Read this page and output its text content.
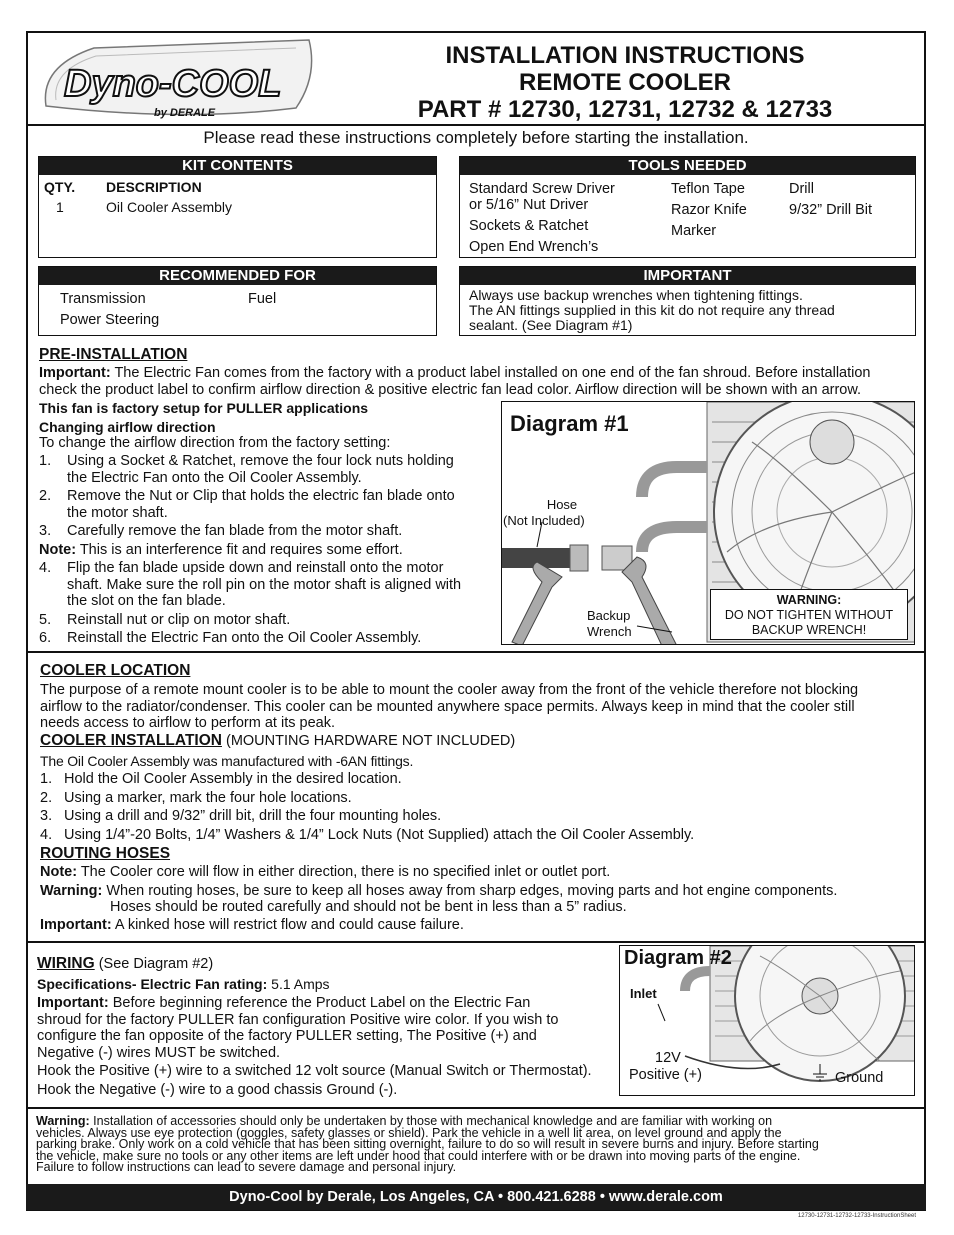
Dyno-COOL
by DERALE
INSTALLATION INSTRUCTIONS
REMOTE COOLER
PART # 12730, 12731, 12732 & 12733
Please read these instructions completely before starting the installation.
KIT CONTENTS
QTY. DESCRIPTION
1	Oil Cooler Assembly
TOOLS NEEDED
Standard Screw Driver
or 5/16” Nut Driver
Sockets & Ratchet
Open End Wrench’s
Teflon Tape
Razor Knife
Marker
Drill
9/32” Drill Bit
RECOMMENDED FOR
Transmission	Fuel
Power Steering
IMPORTANT
Always use backup wrenches when tightening fittings.
The AN fittings supplied in this kit do not require any thread
sealant. (See Diagram #1)
PRE-INSTALLATION
Important: The Electric Fan comes from the factory with a product label installed on one end of the fan shroud. Before installation
check the product label to confirm airflow direction & positive electric fan lead color. Airflow direction will be shown with an arrow.
This fan is factory setup for PULLER applications
Changing airflow direction
To change the airflow direction from the factory setting:
1. Using a Socket & Ratchet, remove the four lock nuts holding
the Electric Fan onto the Oil Cooler Assembly.
2. Remove the Nut or Clip that holds the electric fan blade onto
the motor shaft.
3. Carefully remove the fan blade from the motor shaft.
Note: This is an interference fit and requires some effort.
4. Flip the fan blade upside down and reinstall onto the motor
shaft. Make sure the roll pin on the motor shaft is aligned with
the slot on the fan blade.
5. Reinstall nut or clip on motor shaft.
6. Reinstall the Electric Fan onto the Oil Cooler Assembly.
Diagram #1
Hose
(Not Included)
Backup
Wrench
WARNING:
DO NOT TIGHTEN WITHOUT
BACKUP WRENCH!
COOLER LOCATION
The purpose of a remote mount cooler is to be able to mount the cooler away from the front of the vehicle therefore not blocking
airflow to the radiator/condenser. This cooler can be mounted anywhere space permits. Always keep in mind that the cooler still
needs access to airflow to perform at its peak.
COOLER INSTALLATION (MOUNTING HARDWARE NOT INCLUDED)
The Oil Cooler Assembly was manufactured with -6AN fittings.
1. Hold the Oil Cooler Assembly in the desired location.
2. Using a marker, mark the four hole locations.
3. Using a drill and 9/32” drill bit, drill the four mounting holes.
4. Using 1/4”-20 Bolts, 1/4” Washers & 1/4” Lock Nuts (Not Supplied) attach the Oil Cooler Assembly.
ROUTING HOSES
Note: The Cooler core will flow in either direction, there is no specified inlet or outlet port.
Warning: When routing hoses, be sure to keep all hoses away from sharp edges, moving parts and hot engine components.
Hoses should be routed carefully and should not be bent in less than a 5” radius.
Important: A kinked hose will restrict flow and could cause failure.
WIRING (See Diagram #2)
Specifications- Electric Fan rating: 5.1 Amps
Important: Before beginning reference the Product Label on the Electric Fan
shroud for the factory PULLER fan configuration Positive wire color. If you wish to
configure the fan opposite of the factory PULLER setting, The Positive (+) and
Negative (-) wires MUST be switched.
Hook the Positive (+) wire to a switched 12 volt source (Manual Switch or Thermostat).
Hook the Negative (-) wire to a good chassis Ground (-).
Diagram #2
Inlet
12V
Positive (+)	Ground
Warning: Installation of accessories should only be undertaken by those with mechanical knowledge and are familiar with working on
vehicles. Always use eye protection (goggles, safety glasses or shield). Park the vehicle in a well lit area, on level ground and apply the
parking brake. Only work on a cold vehicle that has been sitting overnight, failure to do so will result in severe burns and injury. Before starting
the vehicle, make sure no tools or any other items are left under hood that could interfere with or be drawn into moving parts of the engine.
Failure to follow instructions can lead to severe damage and personal injury.
Dyno-Cool by Derale, Los Angeles, CA • 800.421.6288 • www.derale.com
12730-12731-12732-12733-InstructionSheet
